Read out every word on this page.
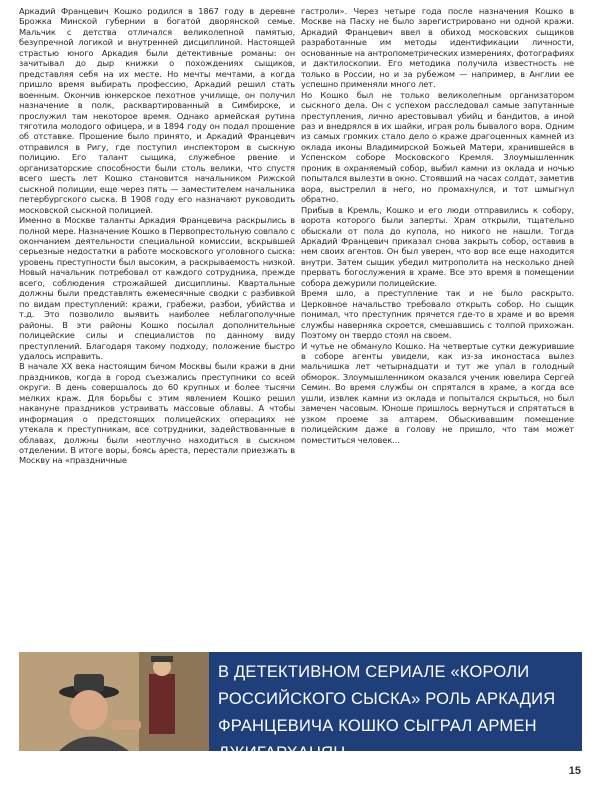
Аркадий Францевич Кошко родился в 1867 году в деревне Брожка Минской губернии в богатой дворянской семье. Мальчик с детства отличался великолепной памятью, безупречной логикой и внутренней дисциплиной. Настоящей страстью юного Аркадия были детективные романы: он зачитывал до дыр книжки о похождениях сыщиков, представляя себя на их месте. Но мечты мечтами, а когда пришло время выбирать профессию, Аркадий решил стать военным. Окончив юнкерское пехотное училище, он получил назначение в полк, расквартированный в Симбирске, и прослужил там некоторое время. Однако армейская рутина тяготила молодого офицера, и в 1894 году он подал прошение об отставке. Прошение было принято, и Аркадий Францевич отправился в Ригу, где поступил инспектором в сыскную полицию. Его талант сыщика, служебное рвение и организаторские способности были столь велики, что спустя всего шесть лет Кошко становится начальником Рижской сыскной полиции, еще через пять — заместителем начальника петербургского сыска. В 1908 году его назначают руководить московской сыскной полицией.

Именно в Москве таланты Аркадия Францевича раскрылись в полной мере. Назначение Кошко в Первопрестольную совпало с окончанием деятельности специальной комиссии, вскрывшей серьезные недостатки в работе московского уголовного сыска: уровень преступности был высоким, а раскрываемость низкой. Новый начальник потребовал от каждого сотрудника, прежде всего, соблюдения строжайшей дисциплины. Квартальные должны были представлять ежемесячные сводки с разбивкой по видам преступлений: кражи, грабежи, разбои, убийства и т.д. Это позволило выявить наиболее неблагополучные районы. В эти районы Кошко посылал дополнительные полицейские силы и специалистов по данному виду преступлений. Благодаря такому подходу, положение быстро удалось исправить.

В начале XX века настоящим бичом Москвы были кражи в дни праздников, когда в город съезжались преступники со всей округи. В день совершалось до 60 крупных и более тысячи мелких краж. Для борьбы с этим явлением Кошко решил накануне праздников устраивать массовые облавы. А чтобы информация о предстоящих полицейских операциях не утекала к преступникам, все сотрудники, задействованные в облавах, должны были неотлучно находиться в сыскном отделении. В итоге воры, боясь ареста, перестали приезжать в Москву на «праздничные

гастроли». Через четыре года после назначения Кошко в Москве на Пасху не было зарегистрировано ни одной кражи. Аркадий Францевич ввел в обиход московских сыщиков разработанные им методы идентификации личности, основанные на антропометрических измерениях, фотографиях и дактилоскопии. Его методика получила известность не только в России, но и за рубежом — например, в Англии ее успешно применяли много лет.

Но Кошко был не только великолепным организатором сыскного дела. Он с успехом расследовал самые запутанные преступления, лично арестовывал убийц и бандитов, а иной раз и внедрялся в их шайки, играя роль бывалого вора. Одним из самых громких стало дело о краже драгоценных камней из оклада иконы Владимирской Божьей Матери, хранившейся в Успенском соборе Московского Кремля. Злоумышленник проник в охраняемый собор, выбил камни из оклада и ночью попытался вылезти в окно. Стоявший на часах солдат, заметив вора, выстрелил в него, но промахнулся, и тот шмыгнул обратно.

Прибыв в Кремль, Кошко и его люди отправились к собору, ворота которого были заперты. Храм открыли, тщательно обыскали от пола до купола, но никого не нашли. Тогда Аркадий Францевич приказал снова закрыть собор, оставив в нем своих агентов. Он был уверен, что вор все еще находится внутри. Затем сыщик убедил митрополита на несколько дней прервать богослужения в храме. Все это время в помещении собора дежурили полицейские.

Время шло, а преступление так и не было раскрыто. Церковное начальство требовало открыть собор. Но сыщик понимал, что преступник прячется где-то в храме и во время службы наверняка скроется, смешавшись с толпой прихожан. Поэтому он твердо стоял на своем.

И чутье не обмануло Кошко. На четвертые сутки дежурившие в соборе агенты увидели, как из-за иконостаса вылез мальчишка лет четырнадцати и тут же упал в голодный обморок. Злоумышленником оказался ученик ювелира Сергей Семин. Во время службы он спрятался в храме, а когда все ушли, извлек камни из оклада и попытался скрыться, но был замечен часовым. Юноше пришлось вернуться и спрятаться в узком проеме за алтарем. Обыскивавшим помещение полицейским даже в голову не пришло, что там может поместиться человек...

В ДЕТЕКТИВНОМ СЕРИАЛЕ «КОРОЛИ РОССИЙСКОГО СЫСКА» РОЛЬ АРКАДИЯ ФРАНЦЕВИЧА КОШКО СЫГРАЛ АРМЕН ДЖИГАРХАНЯН
15
